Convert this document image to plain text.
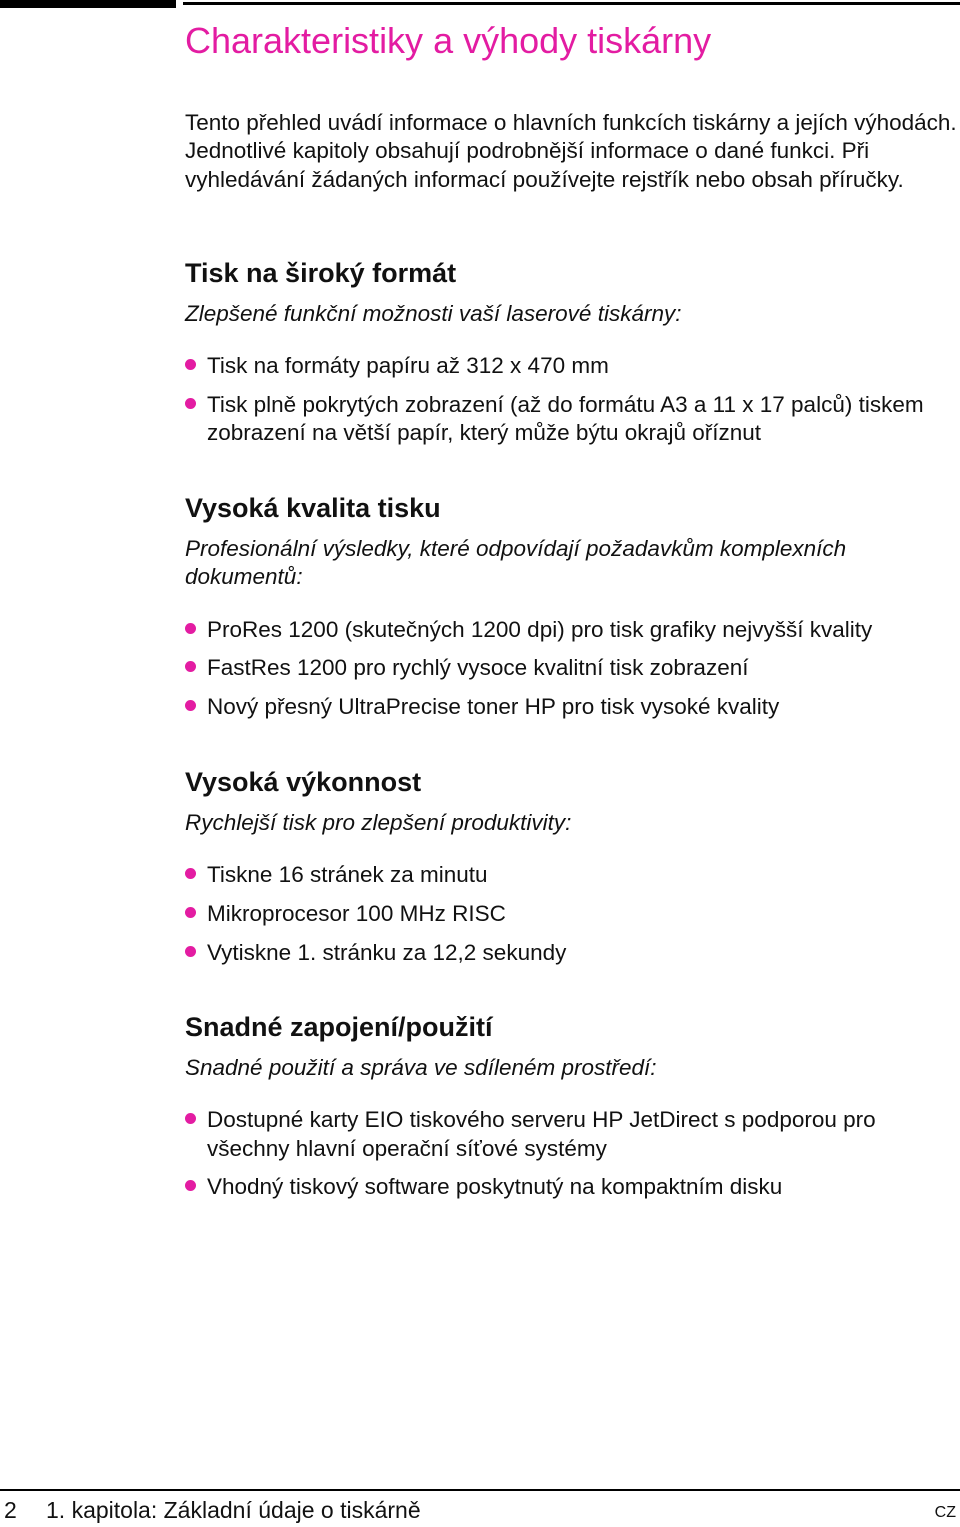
Charakteristiky a výhody tiskárny

Tento přehled uvádí informace o hlavních funkcích tiskárny a jejích výhodách. Jednotlivé kapitoly obsahují podrobnější informace o dané funkci. Při vyhledávání žádaných informací používejte rejstřík nebo obsah příručky.

Tisk na široký formát

Zlepšené funkční možnosti vaší laserové tiskárny:

Tisk na formáty papíru až 312 x 470 mm
Tisk plně pokrytých zobrazení (až do formátu A3 a 11 x 17 palců) tiskem zobrazení na větší papír, který může býtu okrajů oříznut
Vysoká kvalita tisku

Profesionální výsledky, které odpovídají požadavkům komplexních dokumentů:

ProRes 1200 (skutečných 1200 dpi) pro tisk grafiky nejvyšší kvality
FastRes 1200 pro rychlý vysoce kvalitní tisk zobrazení
Nový přesný UltraPrecise toner HP pro tisk vysoké kvality
Vysoká výkonnost

Rychlejší tisk pro zlepšení produktivity:

Tiskne 16 stránek za minutu
Mikroprocesor 100 MHz RISC
Vytiskne 1. stránku za 12,2 sekundy
Snadné zapojení/použití

Snadné použití a správa ve sdíleném prostředí:

Dostupné karty EIO tiskového serveru HP JetDirect s podporou pro všechny hlavní operační síťové systémy
Vhodný tiskový software poskytnutý na kompaktním disku
2 1. kapitola: Základní údaje o tiskárně	CZ
